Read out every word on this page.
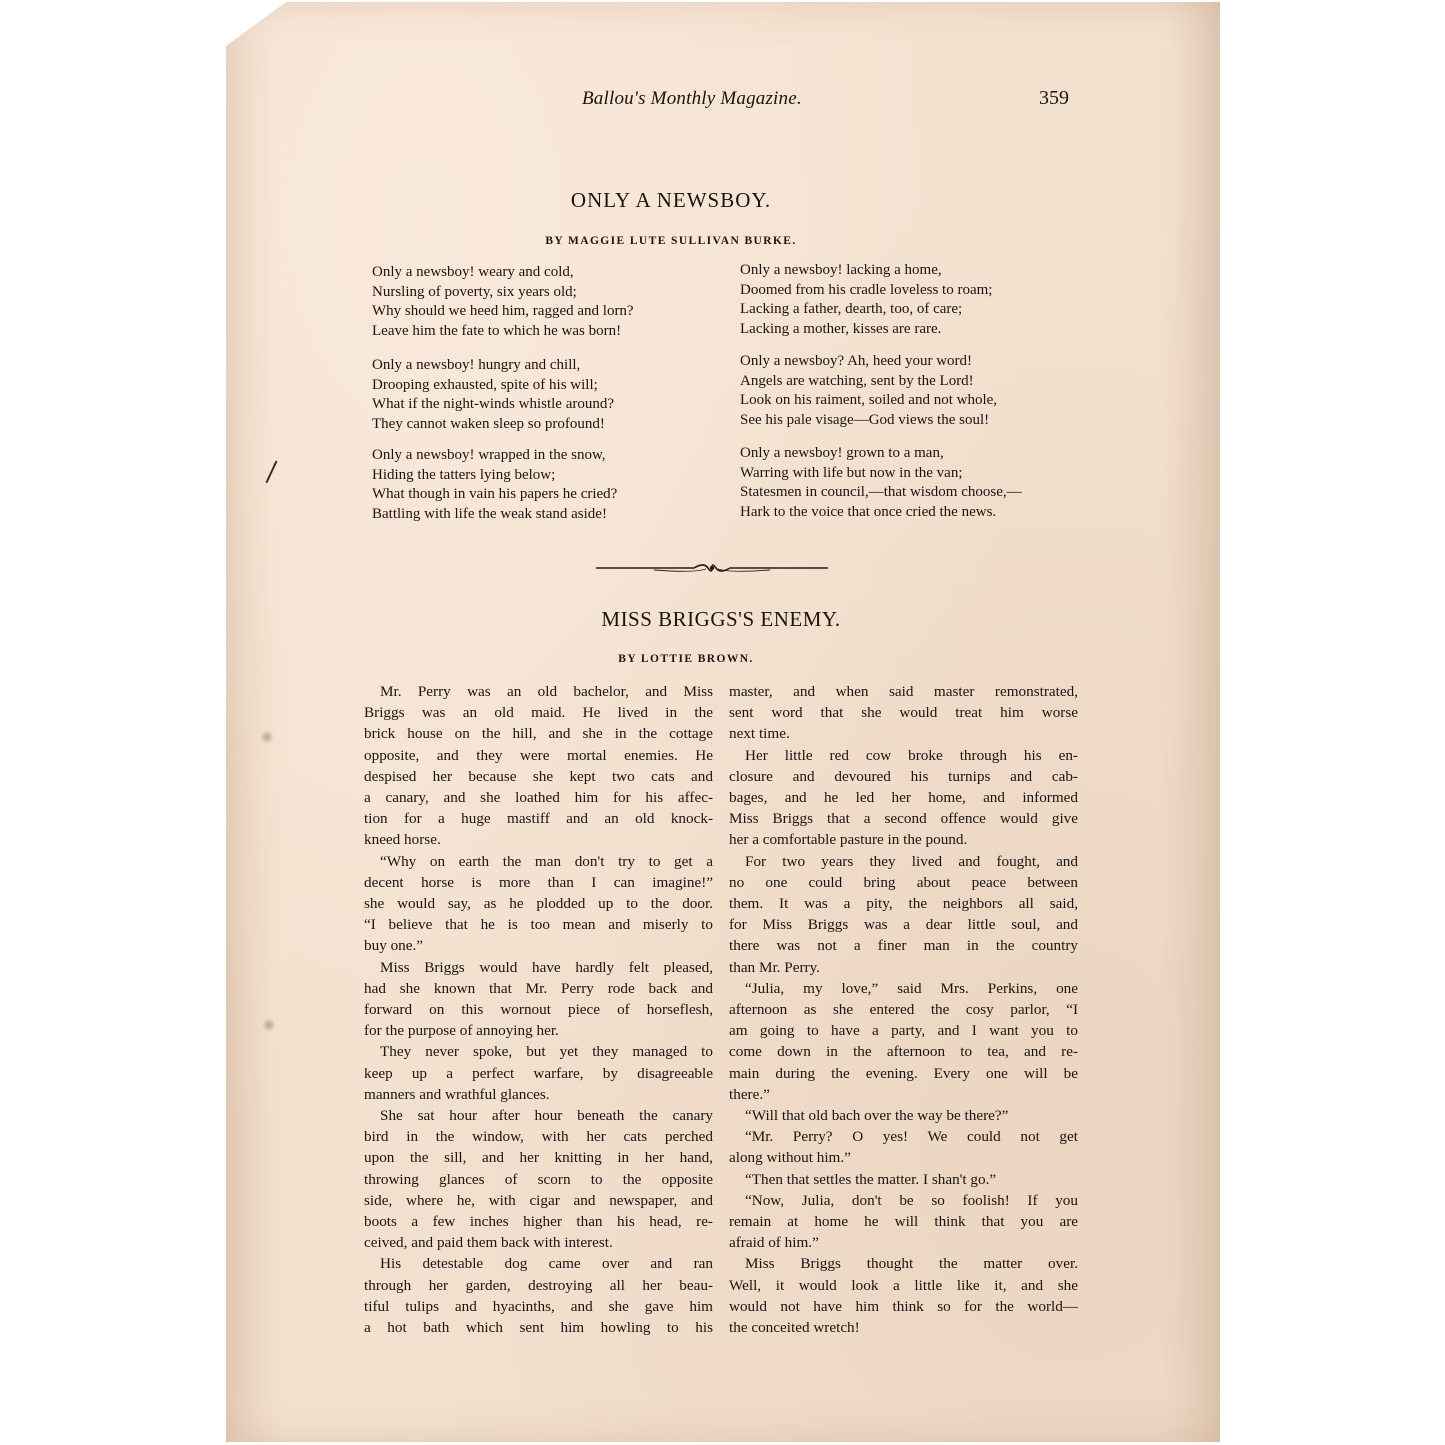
Ballou's Monthly Magazine.	359
ONLY A NEWSBOY.
BY MAGGIE LUTE SULLIVAN BURKE.
Only a newsboy! weary and cold,
Nursling of poverty, six years old;
Why should we heed him, ragged and lorn?
Leave him the fate to which he was born!
Only a newsboy! hungry and chill,
Drooping exhausted, spite of his will;
What if the night-winds whistle around?
They cannot waken sleep so profound!
Only a newsboy! wrapped in the snow,
Hiding the tatters lying below;
What though in vain his papers he cried?
Battling with life the weak stand aside!
Only a newsboy! lacking a home,
Doomed from his cradle loveless to roam;
Lacking a father, dearth, too, of care;
Lacking a mother, kisses are rare.
Only a newsboy? Ah, heed your word!
Angels are watching, sent by the Lord!
Look on his raiment, soiled and not whole,
See his pale visage—God views the soul!
Only a newsboy! grown to a man,
Warring with life but now in the van;
Statesmen in council,—that wisdom choose,—
Hark to the voice that once cried the news.
MISS BRIGGS'S ENEMY.
BY LOTTIE BROWN.
Mr. Perry was an old bachelor, and Miss
Briggs was an old maid. He lived in the
brick house on the hill, and she in the cottage
opposite, and they were mortal enemies. He
despised her because she kept two cats and
a canary, and she loathed him for his affec-
tion for a huge mastiff and an old knock-
kneed horse.
“Why on earth the man don't try to get a
decent horse is more than I can imagine!”
she would say, as he plodded up to the door.
“I believe that he is too mean and miserly to
buy one.”
Miss Briggs would have hardly felt pleased,
had she known that Mr. Perry rode back and
forward on this wornout piece of horseflesh,
for the purpose of annoying her.
They never spoke, but yet they managed to
keep up a perfect warfare, by disagreeable
manners and wrathful glances.
She sat hour after hour beneath the canary
bird in the window, with her cats perched
upon the sill, and her knitting in her hand,
throwing glances of scorn to the opposite
side, where he, with cigar and newspaper, and
boots a few inches higher than his head, re-
ceived, and paid them back with interest.
His detestable dog came over and ran
through her garden, destroying all her beau-
tiful tulips and hyacinths, and she gave him
a hot bath which sent him howling to his
master, and when said master remonstrated,
sent word that she would treat him worse
next time.
Her little red cow broke through his en-
closure and devoured his turnips and cab-
bages, and he led her home, and informed
Miss Briggs that a second offence would give
her a comfortable pasture in the pound.
For two years they lived and fought, and
no one could bring about peace between
them. It was a pity, the neighbors all said,
for Miss Briggs was a dear little soul, and
there was not a finer man in the country
than Mr. Perry.
“Julia, my love,” said Mrs. Perkins, one
afternoon as she entered the cosy parlor, “I
am going to have a party, and I want you to
come down in the afternoon to tea, and re-
main during the evening. Every one will be
there.”
“Will that old bach over the way be there?”
“Mr. Perry? O yes! We could not get
along without him.”
“Then that settles the matter. I shan't go.”
“Now, Julia, don't be so foolish! If you
remain at home he will think that you are
afraid of him.”
Miss Briggs thought the matter over.
Well, it would look a little like it, and she
would not have him think so for the world—
the conceited wretch!
